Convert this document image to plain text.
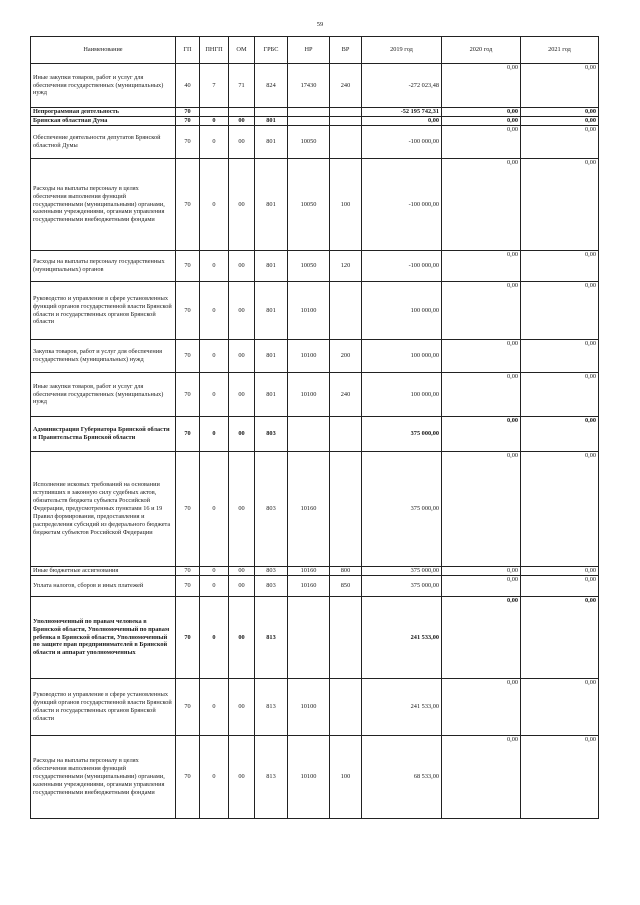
59
Наименование	ГП	ПНГП	ОМ	ГРБС	НР	ВР	2019 год	2020 год	2021 год
Иные закупки товаров, работ и услуг для обеспечения государственных (муниципальных) нужд	40	7	71	824	17430	240	-272 023,48	0,00	0,00
Непрограммная деятельность	70						-52 195 742,31	0,00	0,00
Брянская областная Дума	70	0	00	801			0,00	0,00	0,00
Обеспечение деятельности депутатов Брянской областной Думы	70	0	00	801	10050		-100 000,00	0,00	0,00
Расходы на выплаты персоналу в целях обеспечения выполнения функций государственными (муниципальными) органами, казенными учреждениями, органами управления государственными внебюджетными фондами	70	0	00	801	10050	100	-100 000,00	0,00	0,00
Расходы на выплаты персоналу государственных (муниципальных) органов	70	0	00	801	10050	120	-100 000,00	0,00	0,00
Руководство и управление в сфере установленных функций органов государственной власти Брянской области и государственных органов Брянской области	70	0	00	801	10100		100 000,00	0,00	0,00
Закупка товаров, работ и услуг для обеспечения государственных (муниципальных) нужд	70	0	00	801	10100	200	100 000,00	0,00	0,00
Иные закупки товаров, работ и услуг для обеспечения государственных (муниципальных) нужд	70	0	00	801	10100	240	100 000,00	0,00	0,00
Администрация Губернатора Брянской области и Правительства Брянской области	70	0	00	803			375 000,00	0,00	0,00
Исполнение исковых требований на основании вступивших в законную силу судебных актов, обязательств бюджета субъекта Российской Федерации, предусмотренных пунктами 16 и 19 Правил формирования, предоставления и распределения субсидий из федерального бюджета бюджетам субъектов Российской Федерации	70	0	00	803	10160		375 000,00	0,00	0,00
Иные бюджетные ассигнования	70	0	00	803	10160	800	375 000,00	0,00	0,00
Уплата налогов, сборов и иных платежей	70	0	00	803	10160	850	375 000,00	0,00	0,00
Уполномоченный по правам человека в Брянской области, Уполномоченный по правам ребенка в Брянской области, Уполномоченный по защите прав предпринимателей в Брянской области и аппарат уполномоченных	70	0	00	813			241 533,00	0,00	0,00
Руководство и управление в сфере установленных функций органов государственной власти Брянской области и государственных органов Брянской области	70	0	00	813	10100		241 533,00	0,00	0,00
Расходы на выплаты персоналу в целях обеспечения выполнения функций государственными (муниципальными) органами, казенными учреждениями, органами управления государственными внебюджетными фондами	70	0	00	813	10100	100	68 533,00	0,00	0,00
